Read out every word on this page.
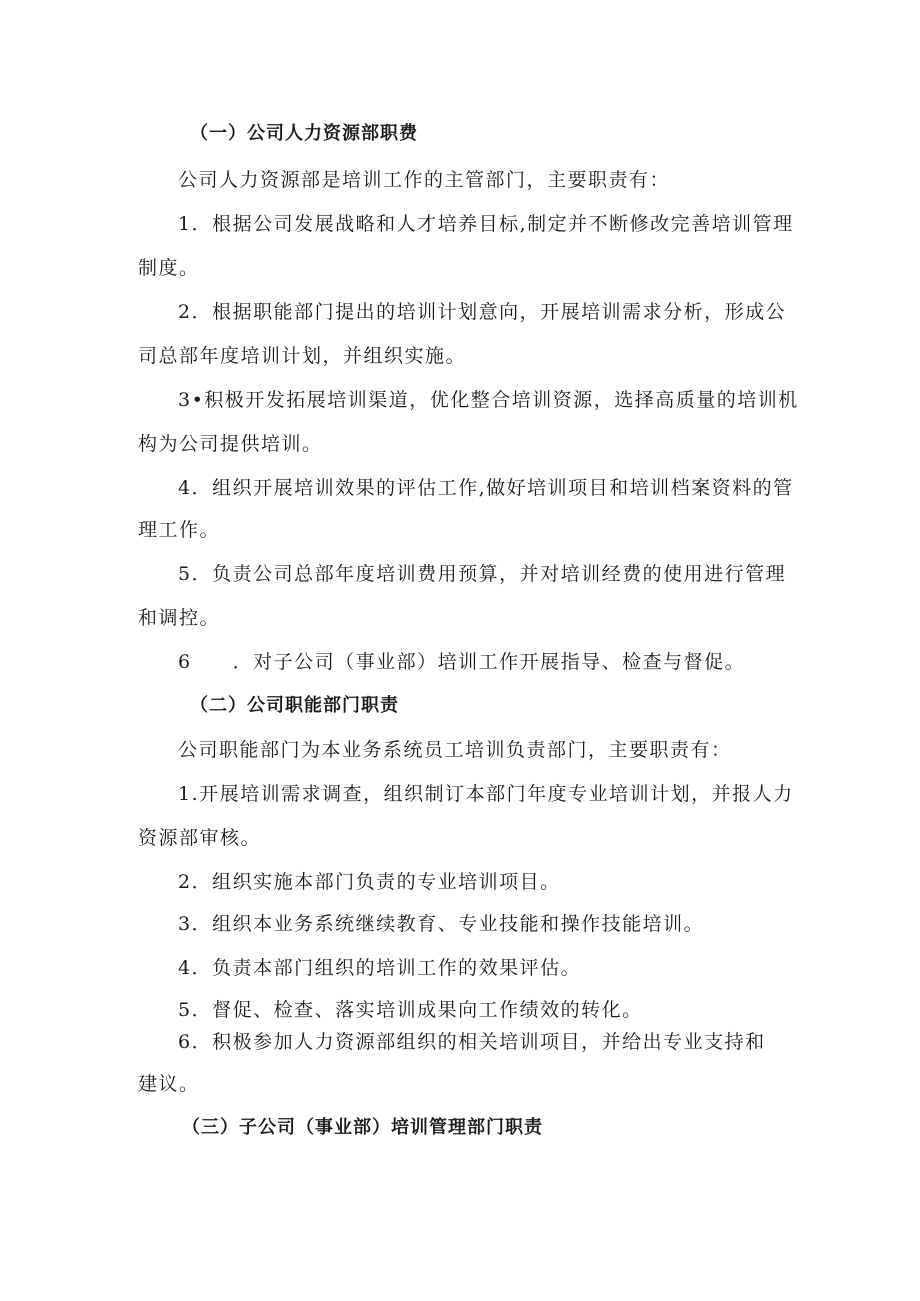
（一）公司人力资源部职费
公司人力资源部是培训工作的主管部门，主要职责有：
1．根据公司发展战略和人才培养目标,制定并不断修改完善培训管理
制度。
2．根据职能部门提出的培训计划意向，开展培训需求分析，形成公
司总部年度培训计划，并组织实施。
3•积极开发拓展培训渠道，优化整合培训资源，选择高质量的培训机
构为公司提供培训。
4．组织开展培训效果的评估工作,做好培训项目和培训档案资料的管
理工作。
5．负责公司总部年度培训费用预算，并对培训经费的使用进行管理
和调控。
6　　．对子公司（事业部）培训工作开展指导、检查与督促。
（二）公司职能部门职责
公司职能部门为本业务系统员工培训负责部门，主要职责有：
1.开展培训需求调查，组织制订本部门年度专业培训计划，并报人力
资源部审核。
2．组织实施本部门负责的专业培训项目。
3．组织本业务系统继续教育、专业技能和操作技能培训。
4．负责本部门组织的培训工作的效果评估。
5．督促、检查、落实培训成果向工作绩效的转化。
6．积极参加人力资源部组织的相关培训项目，并给出专业支持和
建议。
（三）子公司（事业部）培训管理部门职责
